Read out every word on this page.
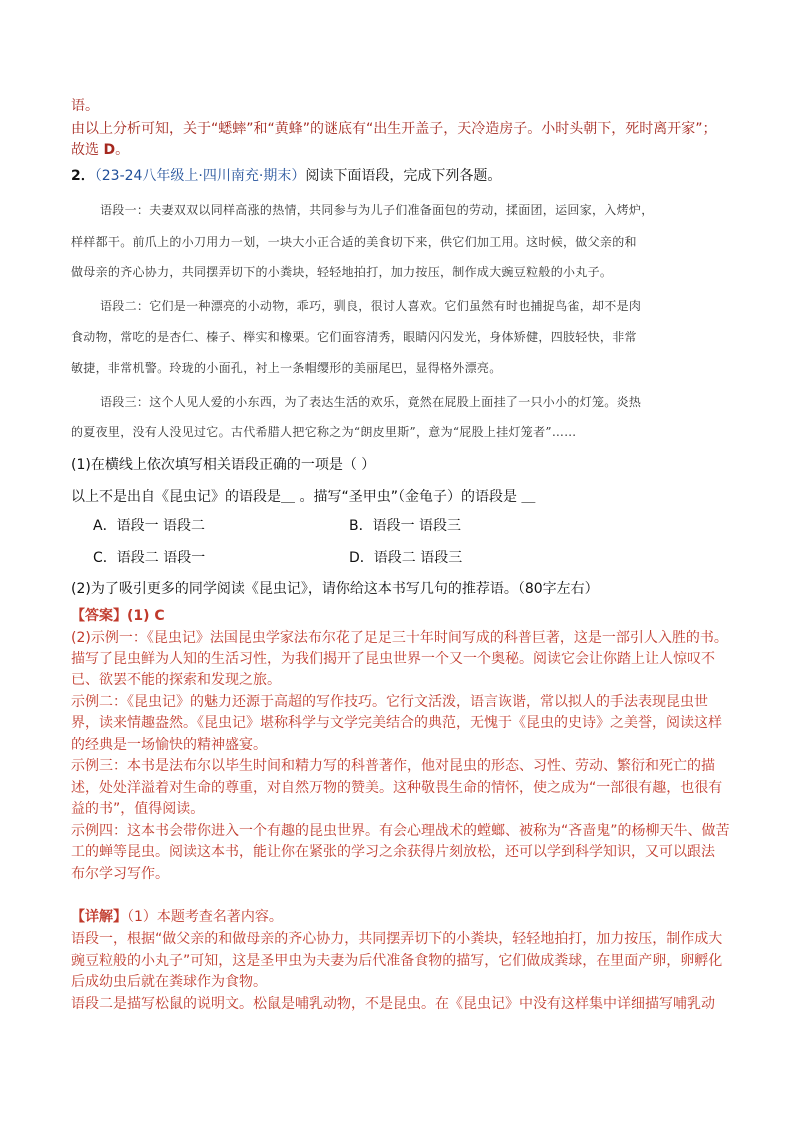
语。
由以上分析可知，关于“蟋蟀”和“黄蜂”的谜底有“出生开盖子，天冷造房子。小时头朝下，死时离开家”；
故选 D。
2．（23-24八年级上·四川南充·期末）阅读下面语段，完成下列各题。
语段一：夫妻双双以同样高涨的热情，共同参与为儿子们准备面包的劳动，揉面团，运回家，入烤炉，
样样都干。前爪上的小刀用力一划，一块大小正合适的美食切下来，供它们加工用。这时候，做父亲的和
做母亲的齐心协力，共同摆弄切下的小粪块，轻轻地拍打，加力按压，制作成大豌豆粒般的小丸子。
语段二：它们是一种漂亮的小动物，乖巧，驯良，很讨人喜欢。它们虽然有时也捕捉鸟雀，却不是肉
食动物，常吃的是杏仁、榛子、榉实和橡栗。它们面容清秀，眼睛闪闪发光，身体矫健，四肢轻快，非常
敏捷，非常机警。玲珑的小面孔，衬上一条帽缨形的美丽尾巴，显得格外漂亮。
语段三：这个人见人爱的小东西，为了表达生活的欢乐，竟然在屁股上面挂了一只小小的灯笼。炎热
的夏夜里，没有人没见过它。古代希腊人把它称之为“朗皮里斯”，意为“屁股上挂灯笼者”……
(1)在横线上依次填写相关语段正确的一项是（ ）
以上不是出自《昆虫记》的语段是＿ 。描写“圣甲虫”（金龟子）的语段是 ＿
A．语段一 语段二	B．语段一 语段三
C．语段二 语段一	D．语段二 语段三
(2)为了吸引更多的同学阅读《昆虫记》，请你给这本书写几句的推荐语。（80字左右）
【答案】(1) C
(2)示例一：《昆虫记》法国昆虫学家法布尔花了足足三十年时间写成的科普巨著，这是一部引人入胜的书。
描写了昆虫鲜为人知的生活习性，为我们揭开了昆虫世界一个又一个奥秘。阅读它会让你踏上让人惊叹不
已、欲罢不能的探索和发现之旅。
示例二：《昆虫记》的魅力还源于高超的写作技巧。它行文活泼，语言诙谐，常以拟人的手法表现昆虫世
界，读来情趣盎然。《昆虫记》堪称科学与文学完美结合的典范，无愧于《昆虫的史诗》之美誉，阅读这样
的经典是一场愉快的精神盛宴。
示例三：本书是法布尔以毕生时间和精力写的科普著作，他对昆虫的形态、习性、劳动、繁衍和死亡的描
述，处处洋溢着对生命的尊重，对自然万物的赞美。这种敬畏生命的情怀，使之成为“一部很有趣，也很有
益的书”，值得阅读。
示例四：这本书会带你进入一个有趣的昆虫世界。有会心理战术的螳螂、被称为“吝啬鬼”的杨柳天牛、做苦
工的蝉等昆虫。阅读这本书，能让你在紧张的学习之余获得片刻放松，还可以学到科学知识，又可以跟法
布尔学习写作。
【详解】（1）本题考查名著内容。
语段一，根据“做父亲的和做母亲的齐心协力，共同摆弄切下的小粪块，轻轻地拍打，加力按压，制作成大
豌豆粒般的小丸子”可知，这是圣甲虫为夫妻为后代准备食物的描写，它们做成粪球，在里面产卵，卵孵化
后成幼虫后就在粪球作为食物。
语段二是描写松鼠的说明文。松鼠是哺乳动物，不是昆虫。在《昆虫记》中没有这样集中详细描写哺乳动
